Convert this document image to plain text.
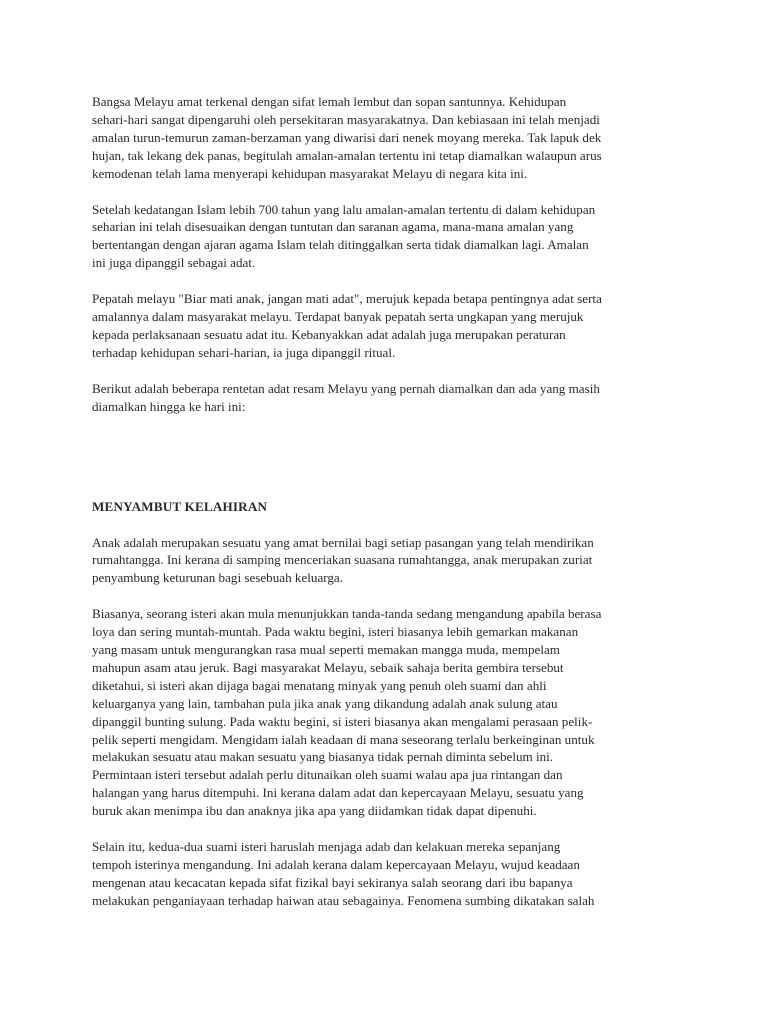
Bangsa Melayu amat terkenal dengan sifat lemah lembut dan sopan santunnya. Kehidupan
sehari-hari sangat dipengaruhi oleh persekitaran masyarakatnya. Dan kebiasaan ini telah menjadi
amalan turun-temurun zaman-berzaman yang diwarisi dari nenek moyang mereka. Tak lapuk dek
hujan, tak lekang dek panas, begitulah amalan-amalan tertentu ini tetap diamalkan walaupun arus
kemodenan telah lama menyerapi kehidupan masyarakat Melayu di negara kita ini.
Setelah kedatangan Islam lebih 700 tahun yang lalu amalan-amalan tertentu di dalam kehidupan
seharian ini telah disesuaikan dengan tuntutan dan saranan agama, mana-mana amalan yang
bertentangan dengan ajaran agama Islam telah ditinggalkan serta tidak diamalkan lagi. Amalan
ini juga dipanggil sebagai adat.
Pepatah melayu "Biar mati anak, jangan mati adat", merujuk kepada betapa pentingnya adat serta
amalannya dalam masyarakat melayu. Terdapat banyak pepatah serta ungkapan yang merujuk
kepada perlaksanaan sesuatu adat itu. Kebanyakkan adat adalah juga merupakan peraturan
terhadap kehidupan sehari-harian, ia juga dipanggil ritual.
Berikut adalah beberapa rentetan adat resam Melayu yang pernah diamalkan dan ada yang masih
diamalkan hingga ke hari ini:
MENYAMBUT KELAHIRAN
Anak adalah merupakan sesuatu yang amat bernilai bagi setiap pasangan yang telah mendirikan
rumahtangga. Ini kerana di samping menceriakan suasana rumahtangga, anak merupakan zuriat
penyambung keturunan bagi sesebuah keluarga.
Biasanya, seorang isteri akan mula menunjukkan tanda-tanda sedang mengandung apabila berasa
loya dan sering muntah-muntah. Pada waktu begini, isteri biasanya lebih gemarkan makanan
yang masam untuk mengurangkan rasa mual seperti memakan mangga muda, mempelam
mahupun asam atau jeruk. Bagi masyarakat Melayu, sebaik sahaja berita gembira tersebut
diketahui, si isteri akan dijaga bagai menatang minyak yang penuh oleh suami dan ahli
keluarganya yang lain, tambahan pula jika anak yang dikandung adalah anak sulung atau
dipanggil bunting sulung. Pada waktu begini, si isteri biasanya akan mengalami perasaan pelik-
pelik seperti mengidam. Mengidam ialah keadaan di mana seseorang terlalu berkeinginan untuk
melakukan sesuatu atau makan sesuatu yang biasanya tidak pernah diminta sebelum ini.
Permintaan isteri tersebut adalah perlu ditunaikan oleh suami walau apa jua rintangan dan
halangan yang harus ditempuhi. Ini kerana dalam adat dan kepercayaan Melayu, sesuatu yang
buruk akan menimpa ibu dan anaknya jika apa yang diidamkan tidak dapat dipenuhi.
Selain itu, kedua-dua suami isteri haruslah menjaga adab dan kelakuan mereka sepanjang
tempoh isterinya mengandung. Ini adalah kerana dalam kepercayaan Melayu, wujud keadaan
mengenan atau kecacatan kepada sifat fizikal bayi sekiranya salah seorang dari ibu bapanya
melakukan penganiayaan terhadap haiwan atau sebagainya. Fenomena sumbing dikatakan salah
